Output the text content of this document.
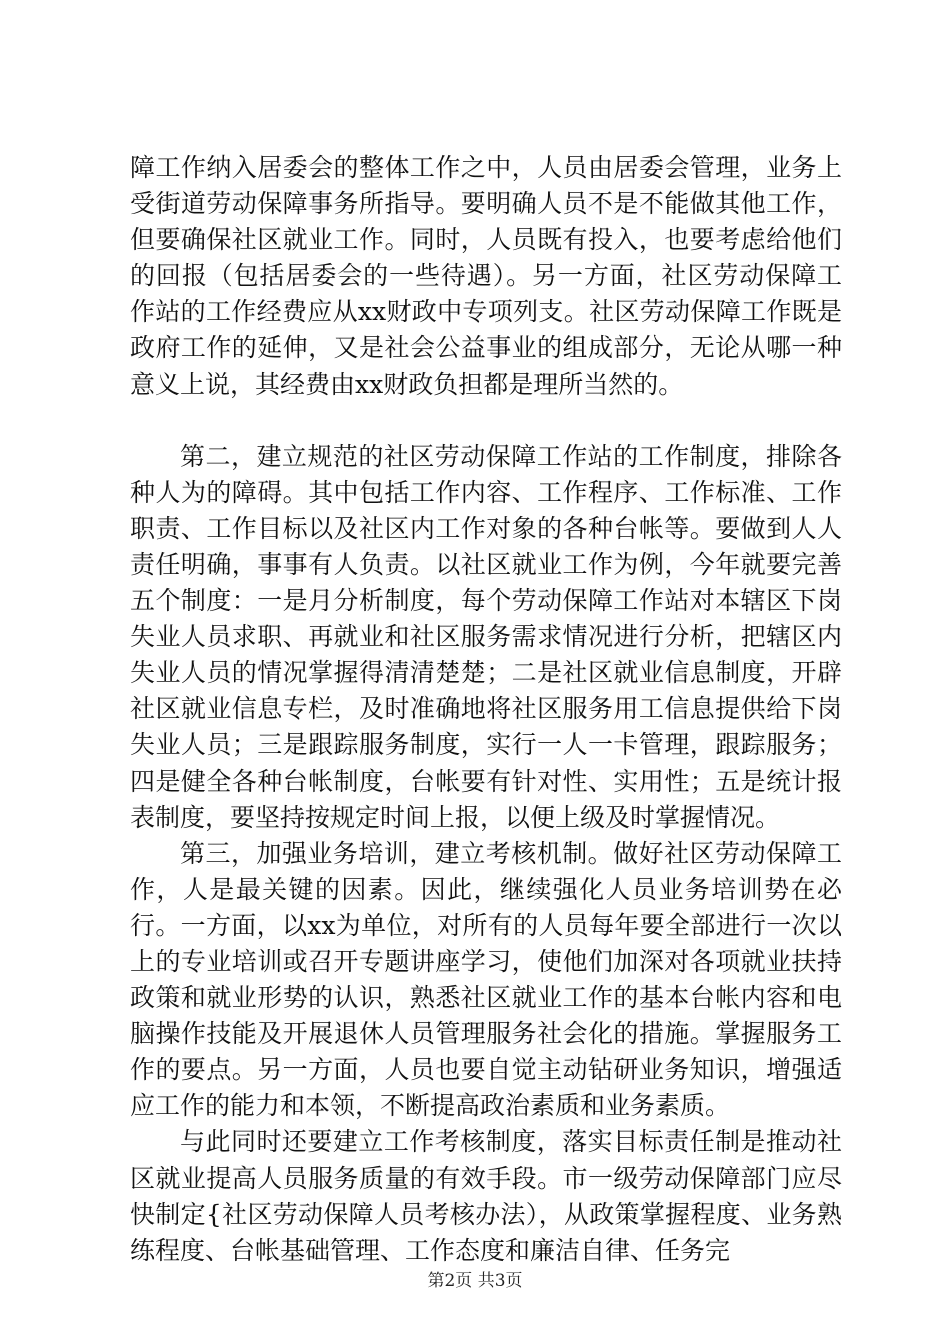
障工作纳入居委会的整体工作之中，人员由居委会管理，业务上受街道劳动保障事务所指导。要明确人员不是不能做其他工作，但要确保社区就业工作。同时，人员既有投入，也要考虑给他们的回报（包括居委会的一些待遇）。另一方面，社区劳动保障工作站的工作经费应从xx财政中专项列支。社区劳动保障工作既是政府工作的延伸，又是社会公益事业的组成部分，无论从哪一种意义上说，其经费由xx财政负担都是理所当然的。

第二，建立规范的社区劳动保障工作站的工作制度，排除各种人为的障碍。其中包括工作内容、工作程序、工作标准、工作职责、工作目标以及社区内工作对象的各种台帐等。要做到人人责任明确，事事有人负责。以社区就业工作为例，今年就要完善五个制度：一是月分析制度，每个劳动保障工作站对本辖区下岗失业人员求职、再就业和社区服务需求情况进行分析，把辖区内失业人员的情况掌握得清清楚楚；二是社区就业信息制度，开辟社区就业信息专栏，及时准确地将社区服务用工信息提供给下岗失业人员；三是跟踪服务制度，实行一人一卡管理，跟踪服务；四是健全各种台帐制度，台帐要有针对性、实用性；五是统计报表制度，要坚持按规定时间上报，以便上级及时掌握情况。

第三，加强业务培训，建立考核机制。做好社区劳动保障工作，人是最关键的因素。因此，继续强化人员业务培训势在必行。一方面，以xx为单位，对所有的人员每年要全部进行一次以上的专业培训或召开专题讲座学习，使他们加深对各项就业扶持政策和就业形势的认识，熟悉社区就业工作的基本台帐内容和电脑操作技能及开展退休人员管理服务社会化的措施。掌握服务工作的要点。另一方面，人员也要自觉主动钻研业务知识，增强适应工作的能力和本领，不断提高政治素质和业务素质。

与此同时还要建立工作考核制度，落实目标责任制是推动社区就业提高人员服务质量的有效手段。市一级劳动保障部门应尽快制定{社区劳动保障人员考核办法），从政策掌握程度、业务熟练程度、台帐基础管理、工作态度和廉洁自律、任务完

第2页 共3页
